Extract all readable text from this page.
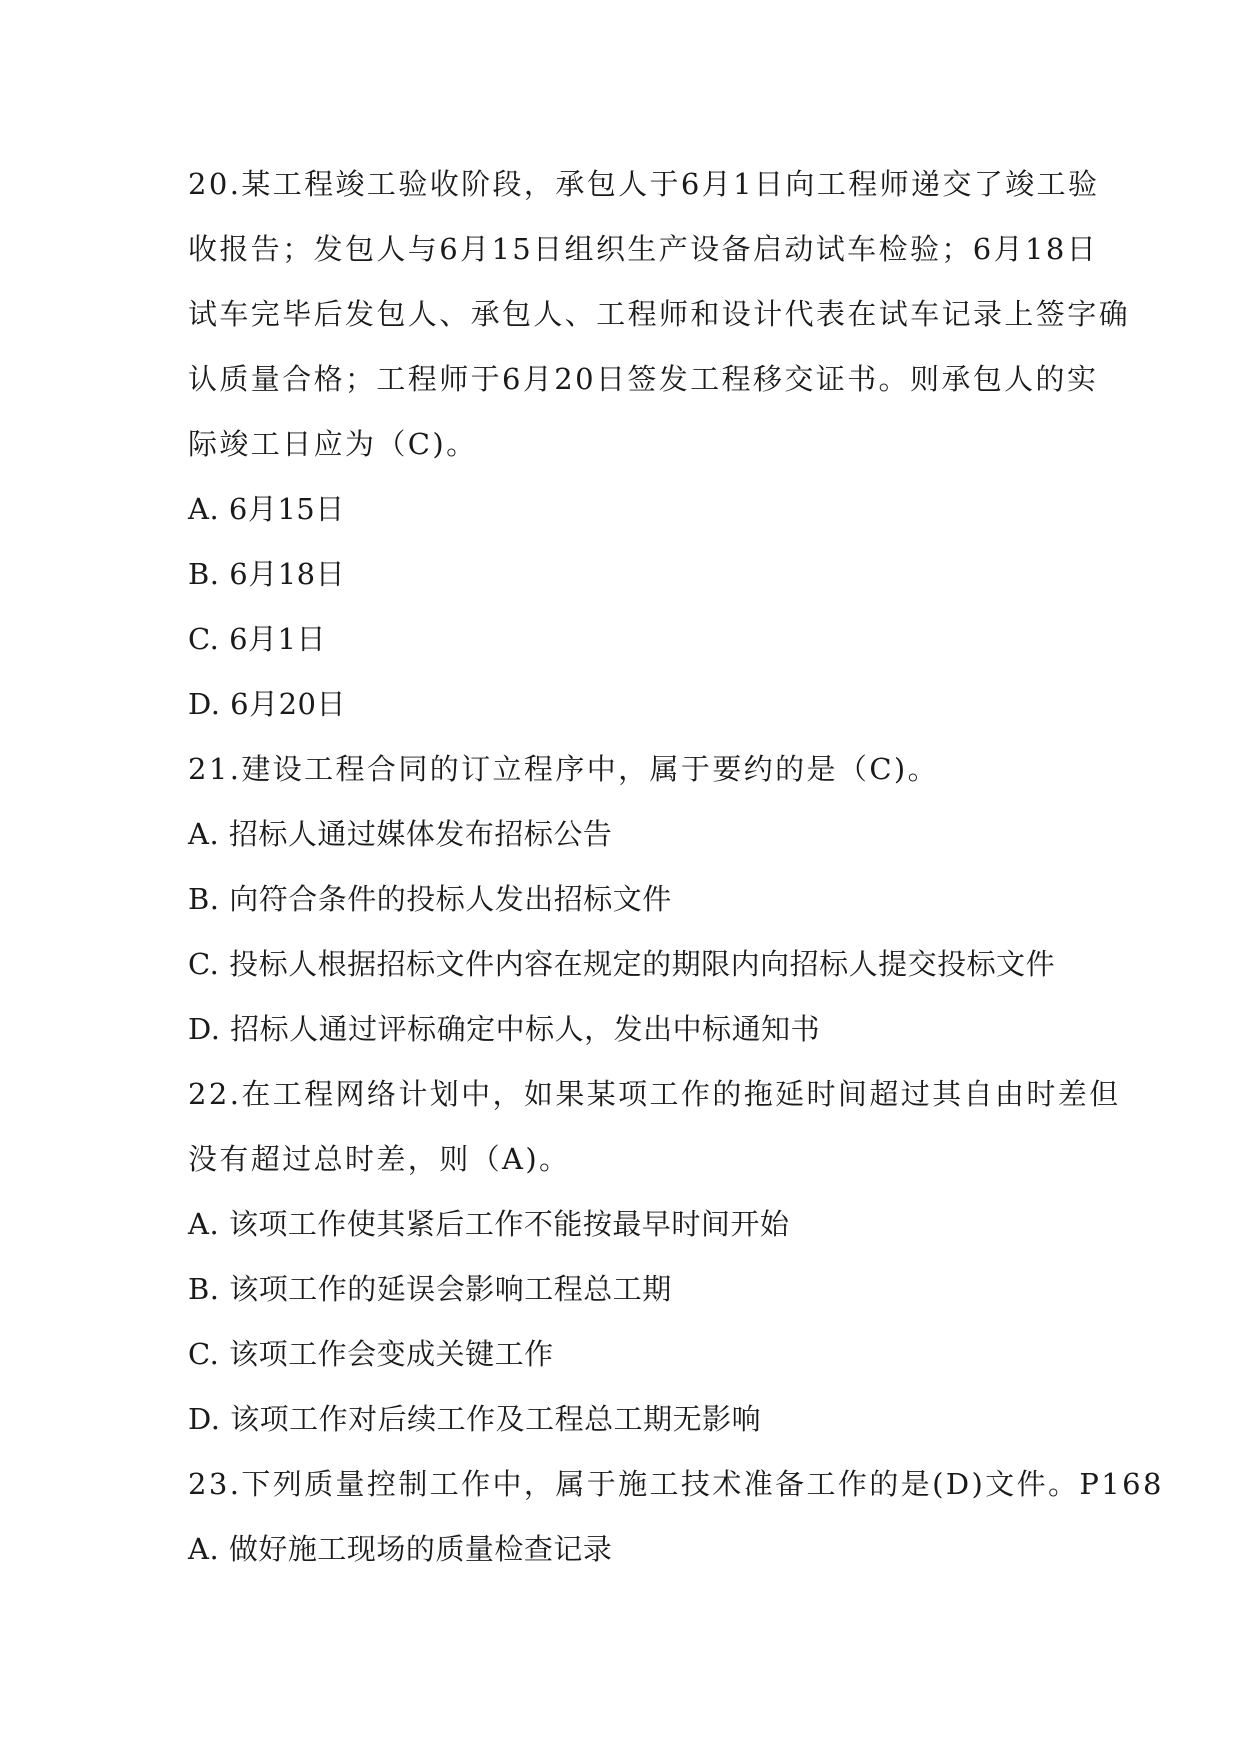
20.某工程竣工验收阶段，承包人于6月1日向工程师递交了竣工验
收报告；发包人与6月15日组织生产设备启动试车检验；6月18日
试车完毕后发包人、承包人、工程师和设计代表在试车记录上签字确
认质量合格；工程师于6月20日签发工程移交证书。则承包人的实
际竣工日应为（C)。
A. 6月15日
B. 6月18日
C. 6月1日
D. 6月20日
21.建设工程合同的订立程序中，属于要约的是（C)。
A. 招标人通过媒体发布招标公告
B. 向符合条件的投标人发出招标文件
C. 投标人根据招标文件内容在规定的期限内向招标人提交投标文件
D. 招标人通过评标确定中标人，发出中标通知书
22.在工程网络计划中，如果某项工作的拖延时间超过其自由时差但
没有超过总时差，则（A)。
A. 该项工作使其紧后工作不能按最早时间开始
B. 该项工作的延误会影响工程总工期
C. 该项工作会变成关键工作
D. 该项工作对后续工作及工程总工期无影响
23.下列质量控制工作中，属于施工技术准备工作的是(D)文件。P168
A. 做好施工现场的质量检查记录
